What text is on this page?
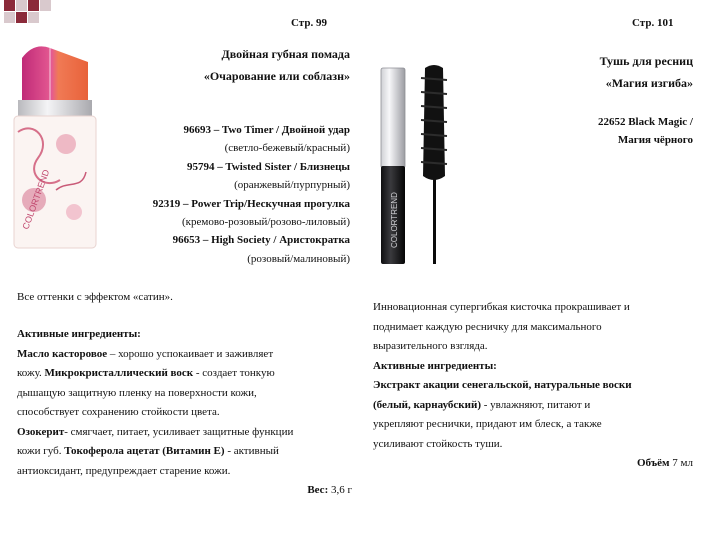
Стр. 99
COLORTREND
Двойная губная помада
«Очарование или соблазн»
96693 – Two Timer / Двойной удар
(светло-бежевый/красный)
95794 – Twisted Sister / Близнецы
(оранжевый/пурпурный)
92319 – Power Trip/Нескучная прогулка
(кремово-розовый/розово-лиловый)
96653 – High Society / Аристократка
(розовый/малиновый)
Все оттенки с эффектом «сатин».
Активные ингредиенты:
Масло касторовое – хорошо успокаивает и заживляет
кожу. Микрокристаллический воск - создает тонкую
дышащую защитную пленку на поверхности кожи,
способствует сохранению стойкости цвета.
Озокерит- смягчает, питает, усиливает защитные функции
кожи губ. Токоферола ацетат (Витамин Е) - активный
антиоксидант, предупреждает старение кожи.
Вес: 3,6 г
Стр. 101
COLORTREND
Тушь для ресниц
«Магия изгиба»
22652 Black Magic /
Магия чёрного
Инновационная супергибкая кисточка прокрашивает и
поднимает каждую ресничку для максимального
выразительного взгляда.
Активные ингредиенты:
Экстракт акации сенегальской, натуральные воски
(белый, карнаубский) - увлажняют, питают и
укрепляют реснички, придают им блеск, а также
усиливают стойкость туши.
Объём 7 мл
